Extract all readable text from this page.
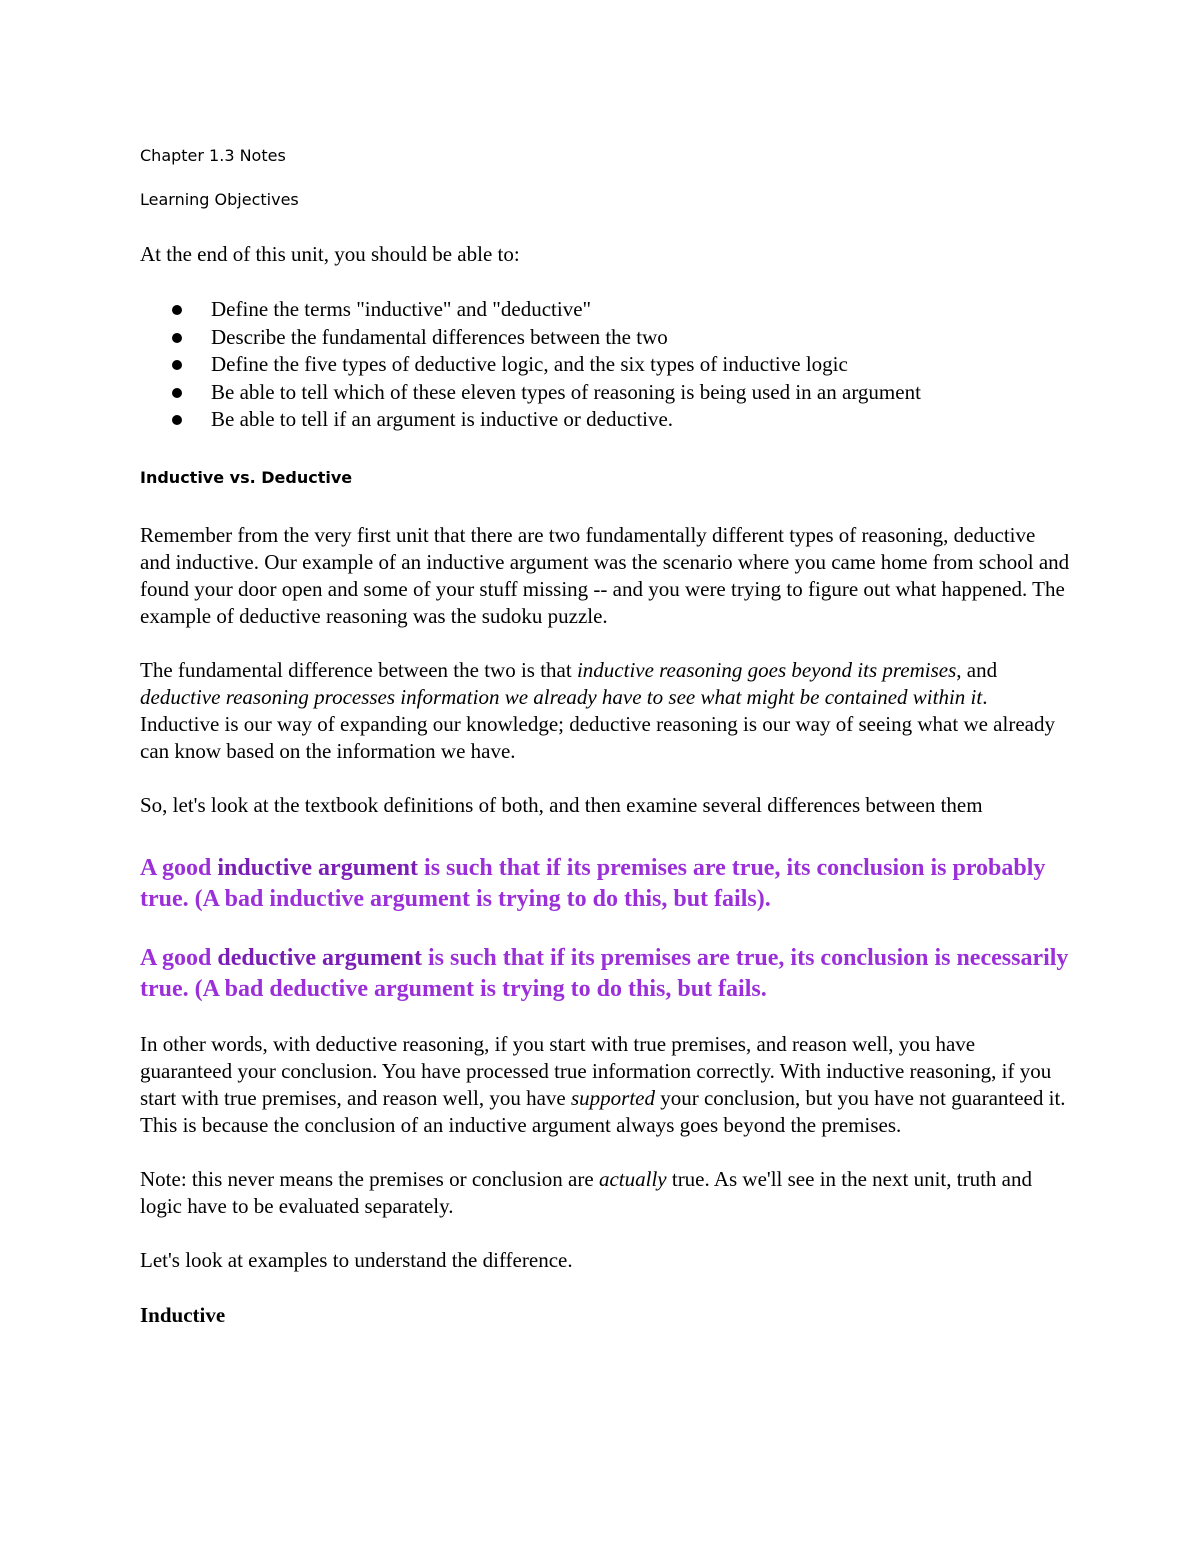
Chapter 1.3 Notes

Learning Objectives

At the end of this unit, you should be able to:

Define the terms "inductive" and "deductive"
Describe the fundamental differences between the two
Define the five types of deductive logic, and the six types of inductive logic
Be able to tell which of these eleven types of reasoning is being used in an argument
Be able to tell if an argument is inductive or deductive.

Inductive vs. Deductive

Remember from the very first unit that there are two fundamentally different types of reasoning, deductive and inductive. Our example of an inductive argument was the scenario where you came home from school and found your door open and some of your stuff missing -- and you were trying to figure out what happened. The example of deductive reasoning was the sudoku puzzle.

The fundamental difference between the two is that inductive reasoning goes beyond its premises, and deductive reasoning processes information we already have to see what might be contained within it. Inductive is our way of expanding our knowledge; deductive reasoning is our way of seeing what we already can know based on the information we have.

So, let's look at the textbook definitions of both, and then examine several differences between them

A good inductive argument is such that if its premises are true, its conclusion is probably true. (A bad inductive argument is trying to do this, but fails).

A good deductive argument is such that if its premises are true, its conclusion is necessarily true. (A bad deductive argument is trying to do this, but fails.

In other words, with deductive reasoning, if you start with true premises, and reason well, you have guaranteed your conclusion. You have processed true information correctly. With inductive reasoning, if you start with true premises, and reason well, you have supported your conclusion, but you have not guaranteed it. This is because the conclusion of an inductive argument always goes beyond the premises.

Note: this never means the premises or conclusion are actually true. As we'll see in the next unit, truth and logic have to be evaluated separately.

Let's look at examples to understand the difference.

Inductive
